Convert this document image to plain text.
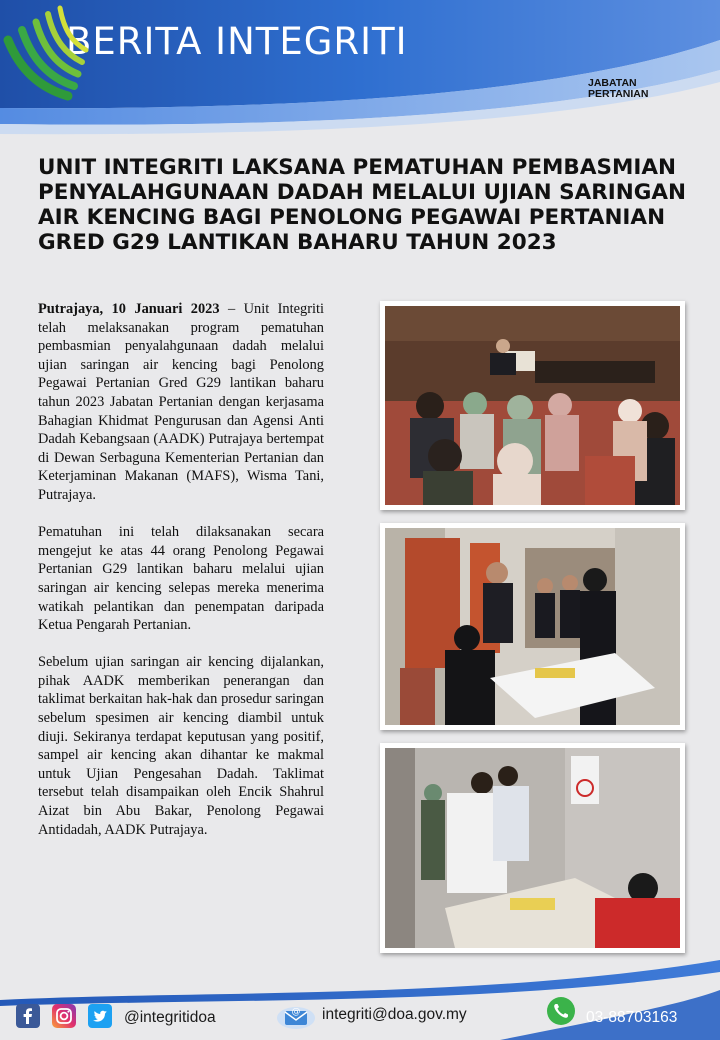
BERITA INTEGRITI
JABATAN
PERTANIAN
UNIT INTEGRITI LAKSANA PEMATUHAN PEMBASMIAN PENYALAHGUNAAN DADAH MELALUI UJIAN SARINGAN AIR KENCING BAGI PENOLONG PEGAWAI PERTANIAN GRED G29 LANTIKAN BAHARU TAHUN 2023

Putrajaya, 10 Januari 2023 – Unit Integriti telah melaksanakan program pematuhan pembasmian penyalahgunaan dadah melalui ujian saringan air kencing bagi Penolong Pegawai Pertanian Gred G29 lantikan baharu tahun 2023 Jabatan Pertanian dengan kerjasama Bahagian Khidmat Pengurusan dan Agensi Anti Dadah Kebangsaan (AADK) Putrajaya bertempat di Dewan Serbaguna Kementerian Pertanian dan Keterjaminan Makanan (MAFS), Wisma Tani, Putrajaya.

Pematuhan ini telah dilaksanakan secara mengejut ke atas 44 orang Penolong Pegawai Pertanian G29 lantikan baharu melalui ujian saringan air kencing selepas mereka menerima watikah pelantikan dan penempatan daripada Ketua Pengarah Pertanian.

Sebelum ujian saringan air kencing dijalankan, pihak AADK memberikan penerangan dan taklimat berkaitan hak-hak dan prosedur saringan sebelum spesimen air kencing diambil untuk diuji. Sekiranya terdapat keputusan yang positif, sampel air kencing akan dihantar ke makmal untuk Ujian Pengesahan Dadah. Taklimat tersebut telah disampaikan oleh Encik Shahrul Aizat bin Abu Bakar, Penolong Pegawai Antidadah, AADK Putrajaya.

@integritidoa	@ integriti@doa.gov.my	03-88703163
